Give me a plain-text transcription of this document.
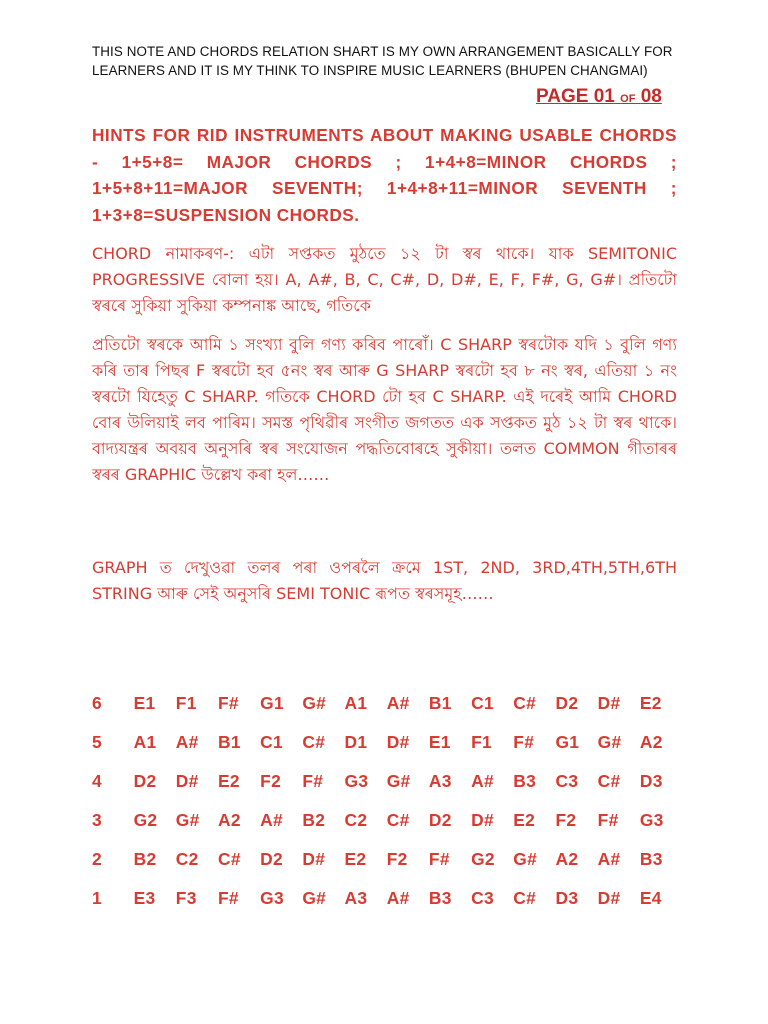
THIS NOTE AND CHORDS RELATION SHART IS MY OWN ARRANGEMENT BASICALLY FOR
LEARNERS AND IT IS MY THINK TO INSPIRE MUSIC LEARNERS (BHUPEN CHANGMAI)
PAGE 01 OF 08
HINTS FOR RID INSTRUMENTS ABOUT MAKING USABLE CHORDS - 1+5+8= MAJOR CHORDS ; 1+4+8=MINOR CHORDS ; 1+5+8+11=MAJOR SEVENTH; 1+4+8+11=MINOR SEVENTH ; 1+3+8=SUSPENSION CHORDS.
CHORD নামাকৰণ-: এটা সপ্তকত মুঠতে ১২ টা স্বৰ থাকে। যাক SEMITONIC PROGRESSIVE বোলা হয়। A, A#, B, C, C#, D, D#, E, F, F#, G, G#। প্ৰতিটো স্বৰৰে সুকিয়া সুকিয়া কম্পনাঙ্ক আছে, গতিকে
প্ৰতিটো স্বৰকে আমি ১ সংখ্যা বুলি গণ্য কৰিব পাৰোঁ। C SHARP স্বৰটোক যদি ১ বুলি গণ্য কৰি তাৰ পিছৰ F স্বৰটো হব ৫নং স্বৰ আৰু G SHARP স্বৰটো হব ৮ নং স্বৰ, এতিয়া ১ নং স্বৰটো যিহেতু C SHARP. গতিকে CHORD টো হব C SHARP. এই দৰেই আমি CHORD বোৰ উলিয়াই লব পাৰিম। সমস্ত পৃথিৱীৰ সংগীত জগতত এক সপ্তকত মুঠ ১২ টা স্বৰ থাকে। বাদ্যযন্ত্ৰৰ অবয়ব অনুসৰি স্বৰ সংযোজন পদ্ধতিবোৰহে সুকীয়া। তলত COMMON গীতাৰৰ স্বৰৰ GRAPHIC উল্লেখ কৰা হল……
GRAPH ত দেখুওৱা তলৰ পৰা ওপৰলৈ ক্ৰমে 1ST, 2ND, 3RD,4TH,5TH,6TH STRING আৰু সেই অনুসৰি SEMI TONIC ৰূপত স্বৰসমূহ……
6	E1	F1	F#	G1	G#	A1	A#	B1	C1	C#	D2	D#	E2
5	A1	A#	B1	C1	C#	D1	D#	E1	F1	F#	G1	G#	A2
4	D2	D#	E2	F2	F#	G3	G#	A3	A#	B3	C3	C#	D3
3	G2	G#	A2	A#	B2	C2	C#	D2	D#	E2	F2	F#	G3
2	B2	C2	C#	D2	D#	E2	F2	F#	G2	G#	A2	A#	B3
1	E3	F3	F#	G3	G#	A3	A#	B3	C3	C#	D3	D#	E4
